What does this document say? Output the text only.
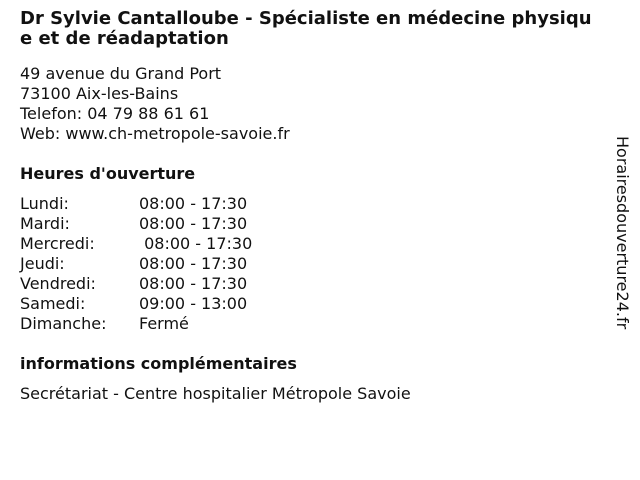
Dr Sylvie Cantalloube - Spécialiste en médecine physique et de réadaptation
49 avenue du Grand Port
73100 Aix-les-Bains
Telefon: 04 79 88 61 61
Web: www.ch-metropole-savoie.fr
Heures d'ouverture
Lundi:	08:00 - 17:30
Mardi:	08:00 - 17:30
Mercredi:	08:00 - 17:30
Jeudi:	08:00 - 17:30
Vendredi:	08:00 - 17:30
Samedi:	09:00 - 13:00
Dimanche: Fermé
informations complémentaires
Secrétariat - Centre hospitalier Métropole Savoie
Horairesdouverture24.fr
